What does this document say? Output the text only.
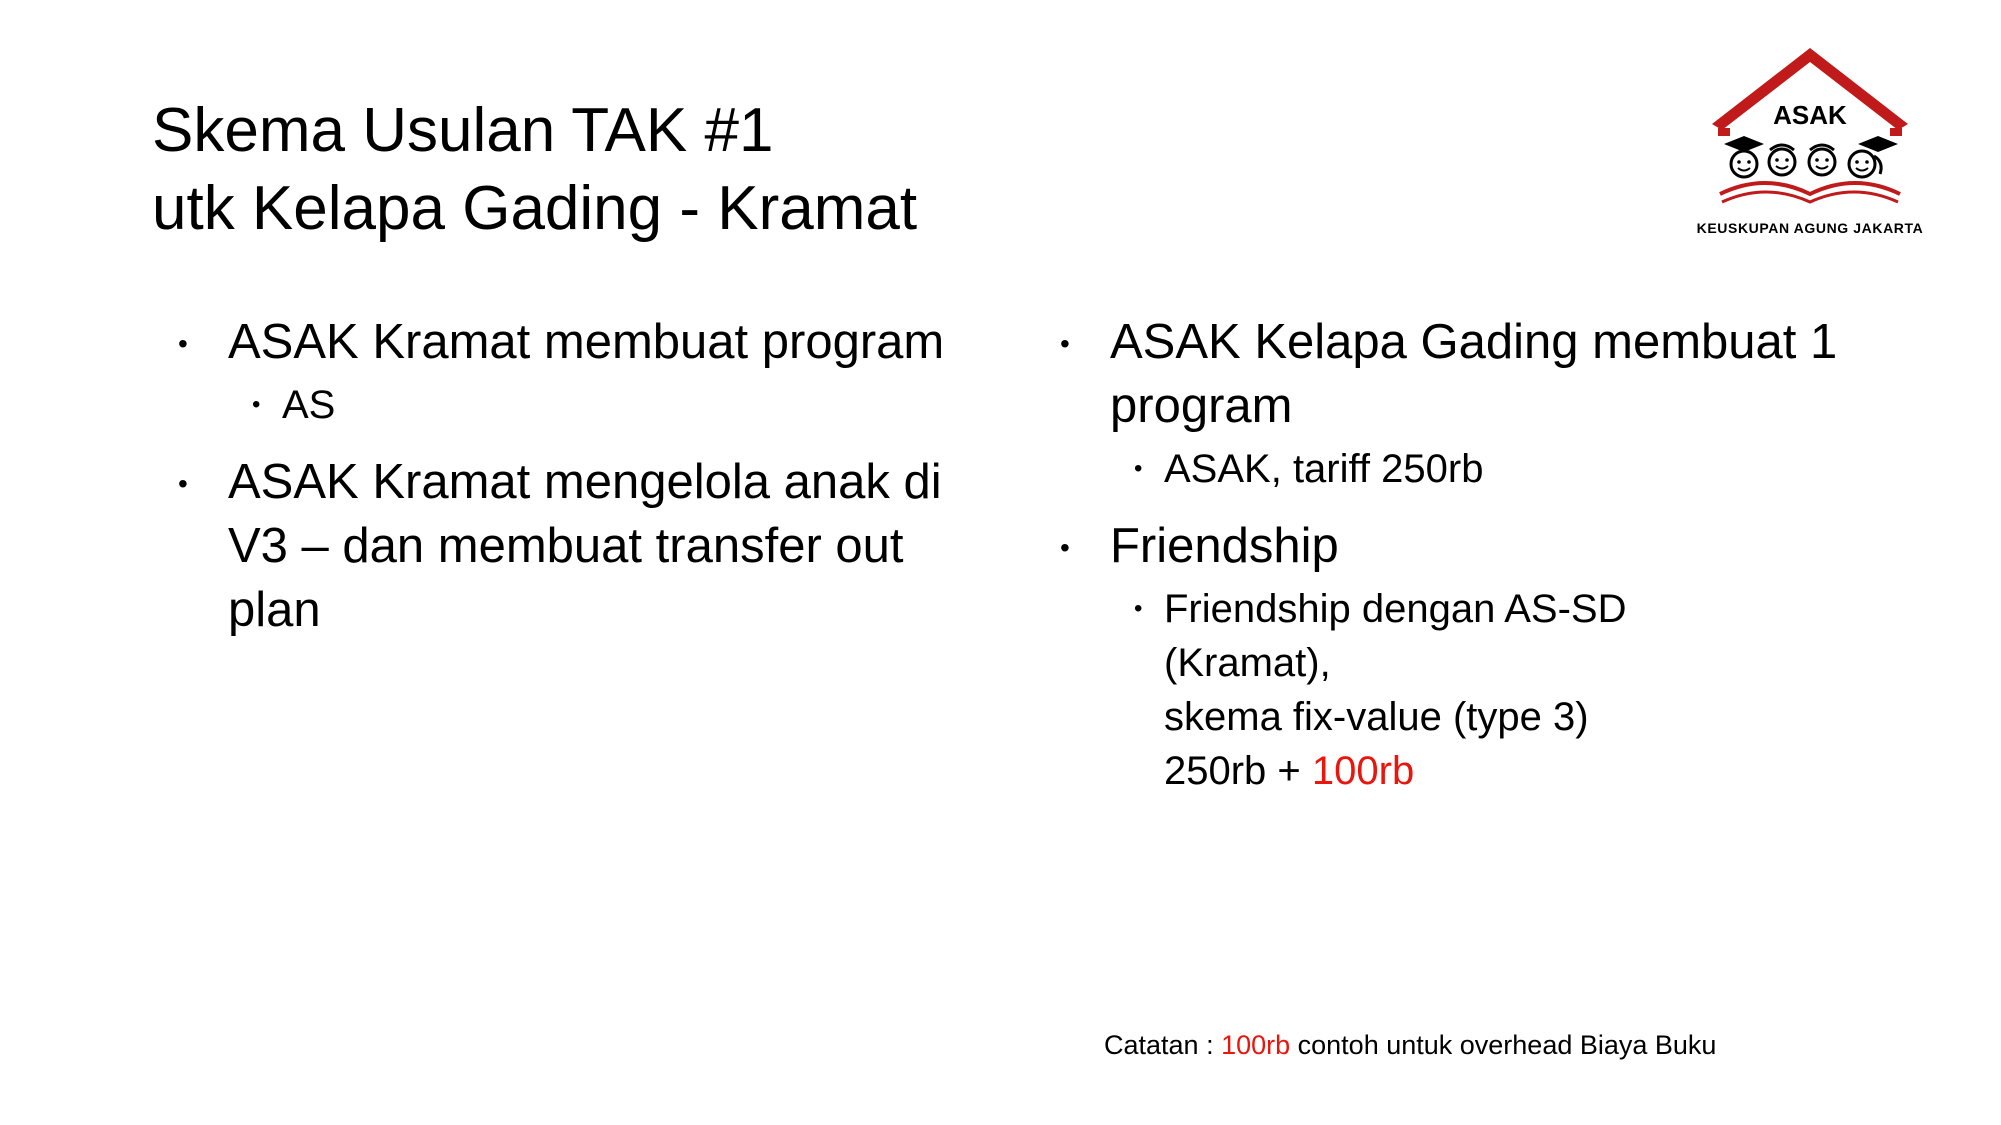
Skema Usulan TAK #1
utk Kelapa Gading - Kramat
ASAK
KEUSKUPAN AGUNG JAKARTA
• ASAK Kramat membuat program
• AS
• ASAK Kramat mengelola anak di V3 – dan membuat transfer out plan
• ASAK Kelapa Gading membuat 1 program
• ASAK, tariff 250rb
• Friendship
• Friendship dengan AS-SD
(Kramat),
skema fix-value (type 3)
250rb + 100rb
Catatan : 100rb contoh untuk overhead Biaya Buku
